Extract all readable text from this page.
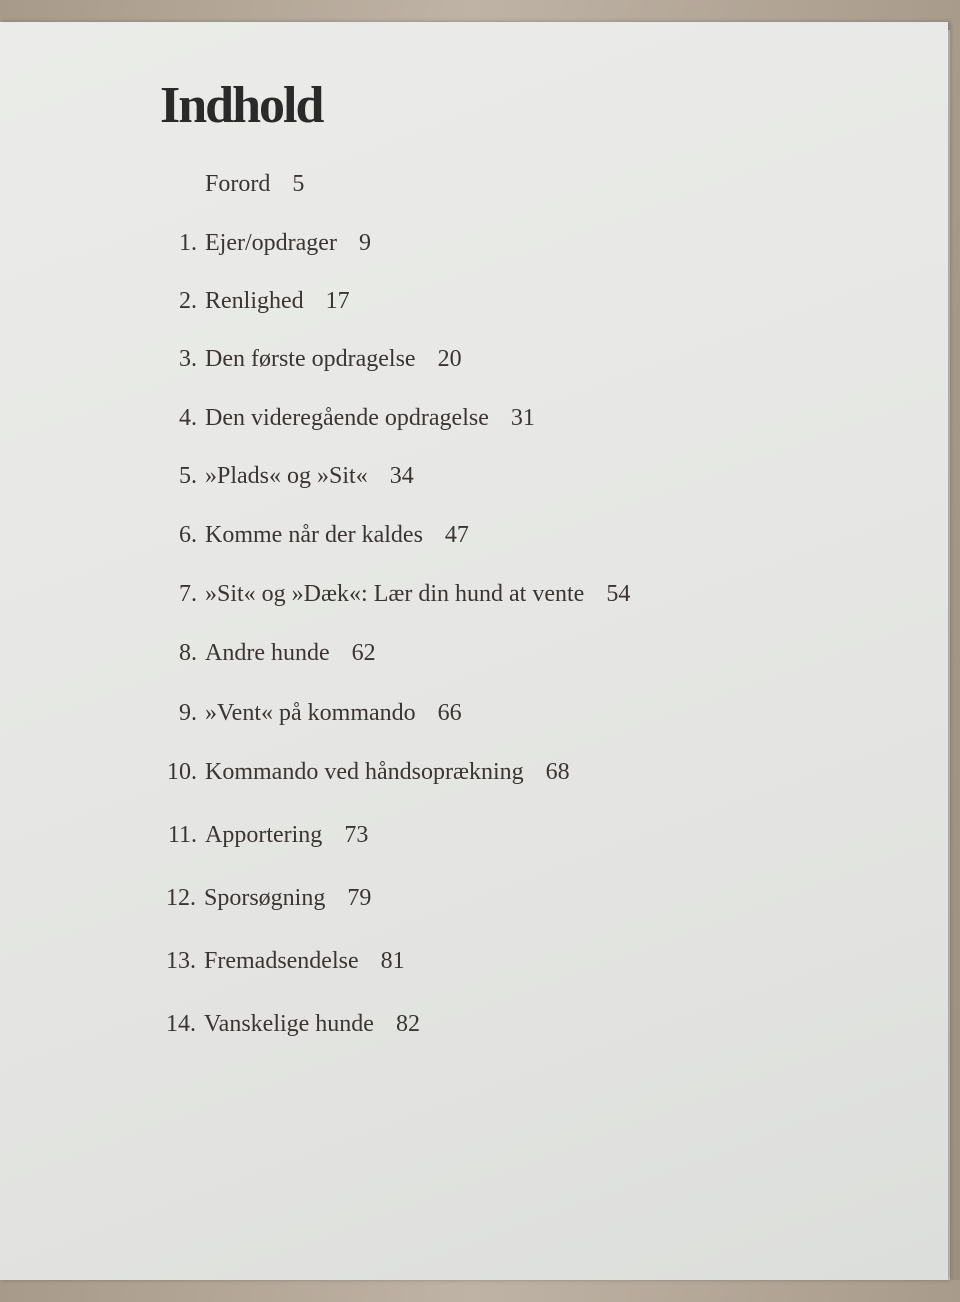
Indhold
Forord 5
1. Ejer/opdrager 9
2. Renlighed 17
3. Den første opdragelse 20
4. Den videregående opdragelse 31
5. »Plads« og »Sit« 34
6. Komme når der kaldes 47
7. »Sit« og »Dæk«: Lær din hund at vente 54
8. Andre hunde 62
9. »Vent« på kommando 66
10. Kommando ved håndsoprækning 68
11. Apportering 73
12. Sporsøgning 79
13. Fremadsendelse 81
14. Vanskelige hunde 82
